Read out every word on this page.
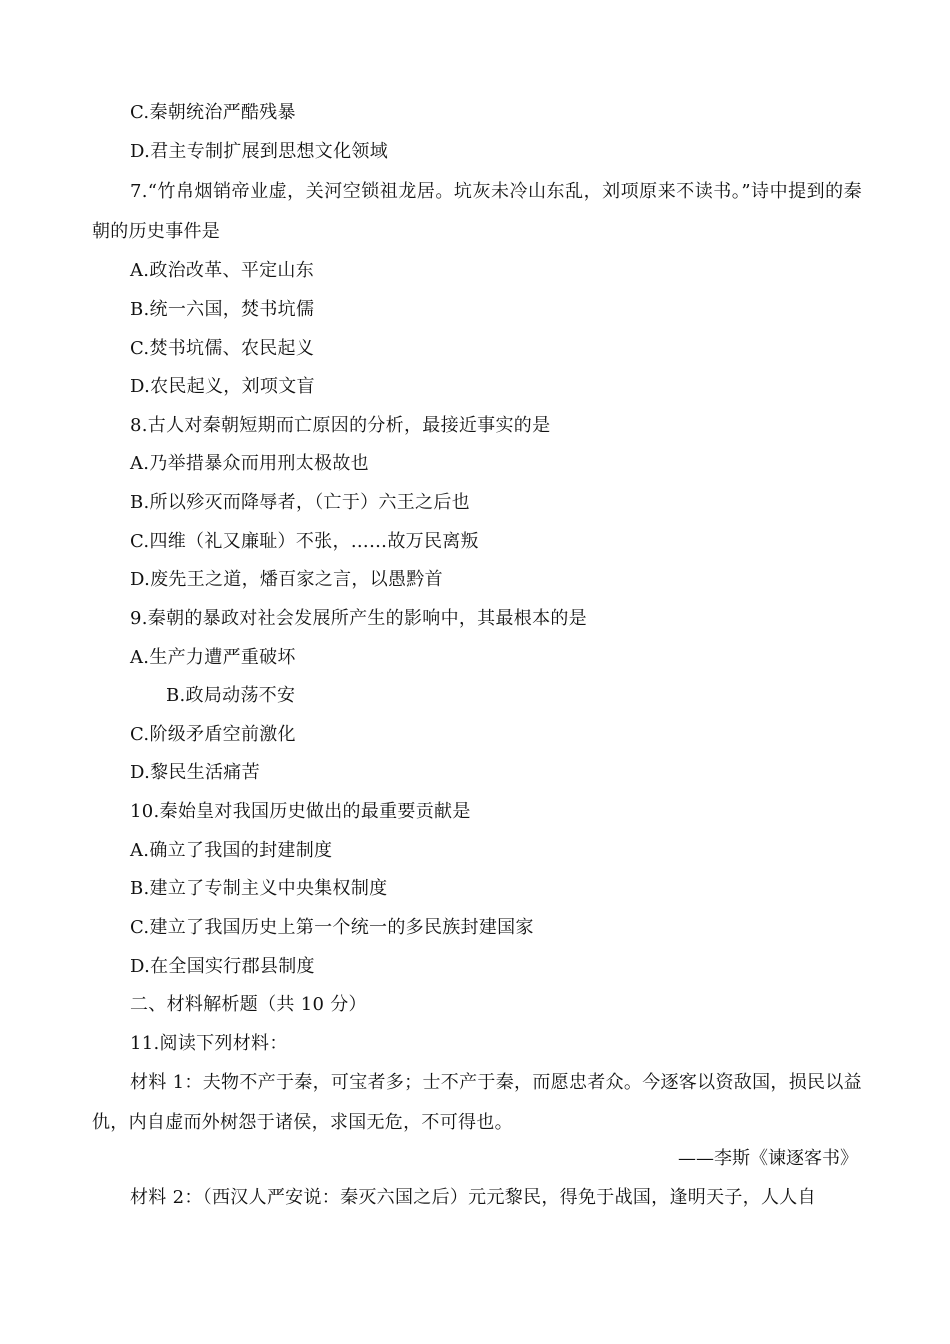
C.秦朝统治严酷残暴
D.君主专制扩展到思想文化领域
7.“竹帛烟销帝业虚，关河空锁祖龙居。坑灰未冷山东乱，刘项原来不读书。”诗中提到的秦朝的历史事件是
A.政治改革、平定山东
B.统一六国，焚书坑儒
C.焚书坑儒、农民起义
D.农民起义，刘项文盲
8.古人对秦朝短期而亡原因的分析，最接近事实的是
A.乃举措暴众而用刑太极故也
B.所以殄灭而降辱者，（亡于）六王之后也
C.四维（礼又廉耻）不张，……故万民离叛
D.废先王之道，燔百家之言，以愚黔首
9.秦朝的暴政对社会发展所产生的影响中，其最根本的是
A.生产力遭严重破坏
B.政局动荡不安
C.阶级矛盾空前激化
D.黎民生活痛苦
10.秦始皇对我国历史做出的最重要贡献是
A.确立了我国的封建制度
B.建立了专制主义中央集权制度
C.建立了我国历史上第一个统一的多民族封建国家
D.在全国实行郡县制度
二、材料解析题（共 10 分）
11.阅读下列材料：
材料 1：夫物不产于秦，可宝者多；士不产于秦，而愿忠者众。今逐客以资敌国，损民以益仇，内自虚而外树怨于诸侯，求国无危，不可得也。
——李斯《谏逐客书》
材料 2：（西汉人严安说：秦灭六国之后）元元黎民，得免于战国，逢明天子，人人自
